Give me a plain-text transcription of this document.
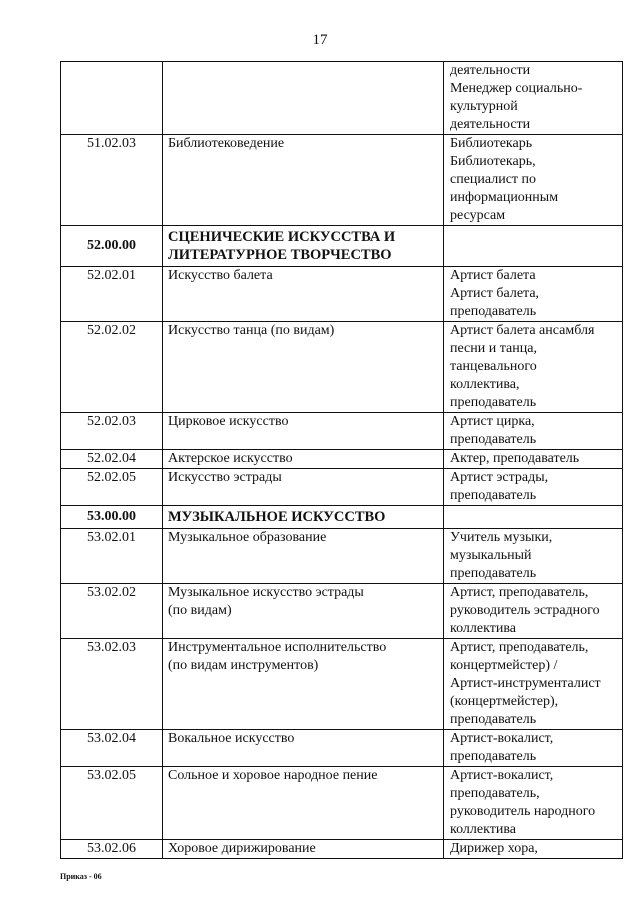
17

		деятельности
Менеджер социально-
культурной
деятельности

51.02.03	Библиотековедение	Библиотекарь
Библиотекарь,
специалист по
информационным
ресурсам

52.00.00	СЦЕНИЧЕСКИЕ ИСКУССТВА И
ЛИТЕРАТУРНОЕ ТВОРЧЕСТВО	

52.02.01	Искусство балета	Артист балета
Артист балета,
преподаватель

52.02.02	Искусство танца (по видам)	Артист балета ансамбля
песни и танца,
танцевального
коллектива,
преподаватель

52.02.03	Цирковое искусство	Артист цирка,
преподаватель

52.02.04	Актерское искусство	Актер, преподаватель

52.02.05	Искусство эстрады	Артист эстрады,
преподаватель

53.00.00	МУЗЫКАЛЬНОЕ ИСКУССТВО	

53.02.01	Музыкальное образование	Учитель музыки,
музыкальный
преподаватель

53.02.02	Музыкальное искусство эстрады
(по видам)	Артист, преподаватель,
руководитель эстрадного
коллектива

53.02.03	Инструментальное исполнительство
(по видам инструментов)	Артист, преподаватель,
концертмейстер) /
Артист-инструменталист
(концертмейстер),
преподаватель

53.02.04	Вокальное искусство	Артист-вокалист,
преподаватель

53.02.05	Сольное и хоровое народное пение	Артист-вокалист,
преподаватель,
руководитель народного
коллектива

53.02.06	Хоровое дирижирование	Дирижер хора,
Приказ - 06
